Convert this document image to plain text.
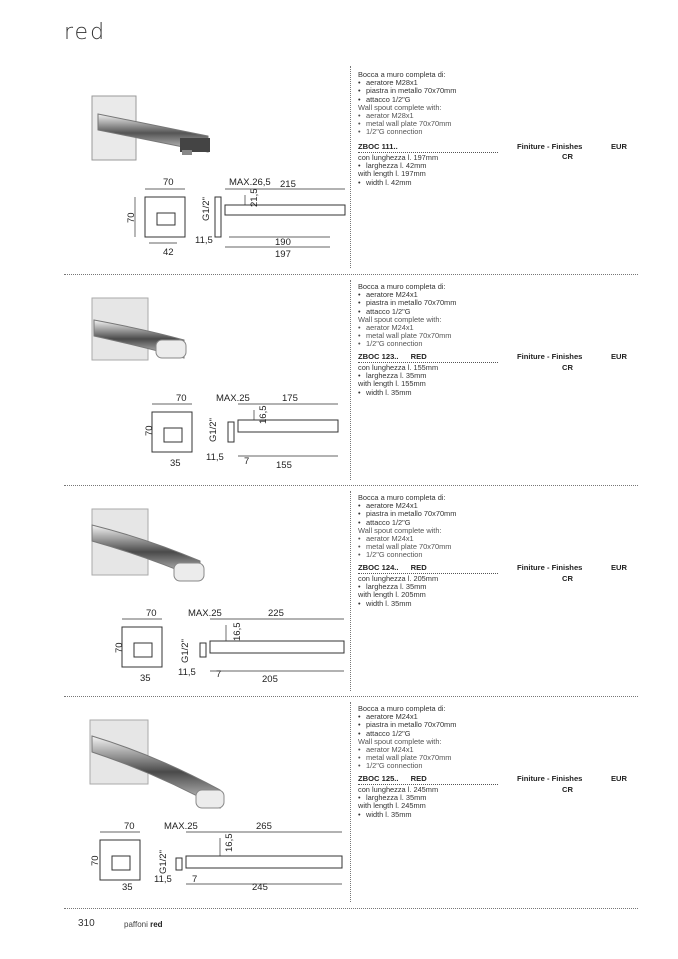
red
70
70
MAX.26,5 215
21,5
G1/2"
11,5	190
197
42
Bocca a muro completa di:
• aeratore M28x1
• piastra in metallo 70x70mm
• attacco 1/2"G
Wall spout complete with:
• aerator M28x1
• metal wall plate 70x70mm
• 1/2"G connection
ZBOC 111..	Finiture - Finishes	EUR
CR
con lunghezza l. 197mm
• larghezza l. 42mm
with length l. 197mm
• width l. 42mm
Bocca a muro completa di:
• aeratore M24x1
• piastra in metallo 70x70mm
• attacco 1/2"G
Wall spout complete with:
• aerator M24x1
• metal wall plate 70x70mm
• 1/2"G connection
ZBOC 123.. RED	Finiture - Finishes	EUR
CR
con lunghezza l. 155mm
• larghezza l. 35mm
with length l. 155mm
• width l. 35mm
70
70
MAX.25	175
16,5
G1/2"
11,5 7	155
35
Bocca a muro completa di:
• aeratore M24x1
• piastra in metallo 70x70mm
• attacco 1/2"G
Wall spout complete with:
• aerator M24x1
• metal wall plate 70x70mm
• 1/2"G connection
ZBOC 124.. RED	Finiture - Finishes	EUR
CR
con lunghezza l. 205mm
• larghezza l. 35mm
with length l. 205mm
• width l. 35mm
70
70
MAX.25	225
16,5
G1/2"
11,5 7	205
35
Bocca a muro completa di:
• aeratore M24x1
• piastra in metallo 70x70mm
• attacco 1/2"G
Wall spout complete with:
• aerator M24x1
• metal wall plate 70x70mm
• 1/2"G connection
ZBOC 125.. RED	Finiture - Finishes	EUR
CR
con lunghezza l. 245mm
• larghezza l. 35mm
with length l. 245mm
• width l. 35mm
70
70
MAX.25	265
16,5
G1/2"
11,5 7
245
35
310	paffoni red
